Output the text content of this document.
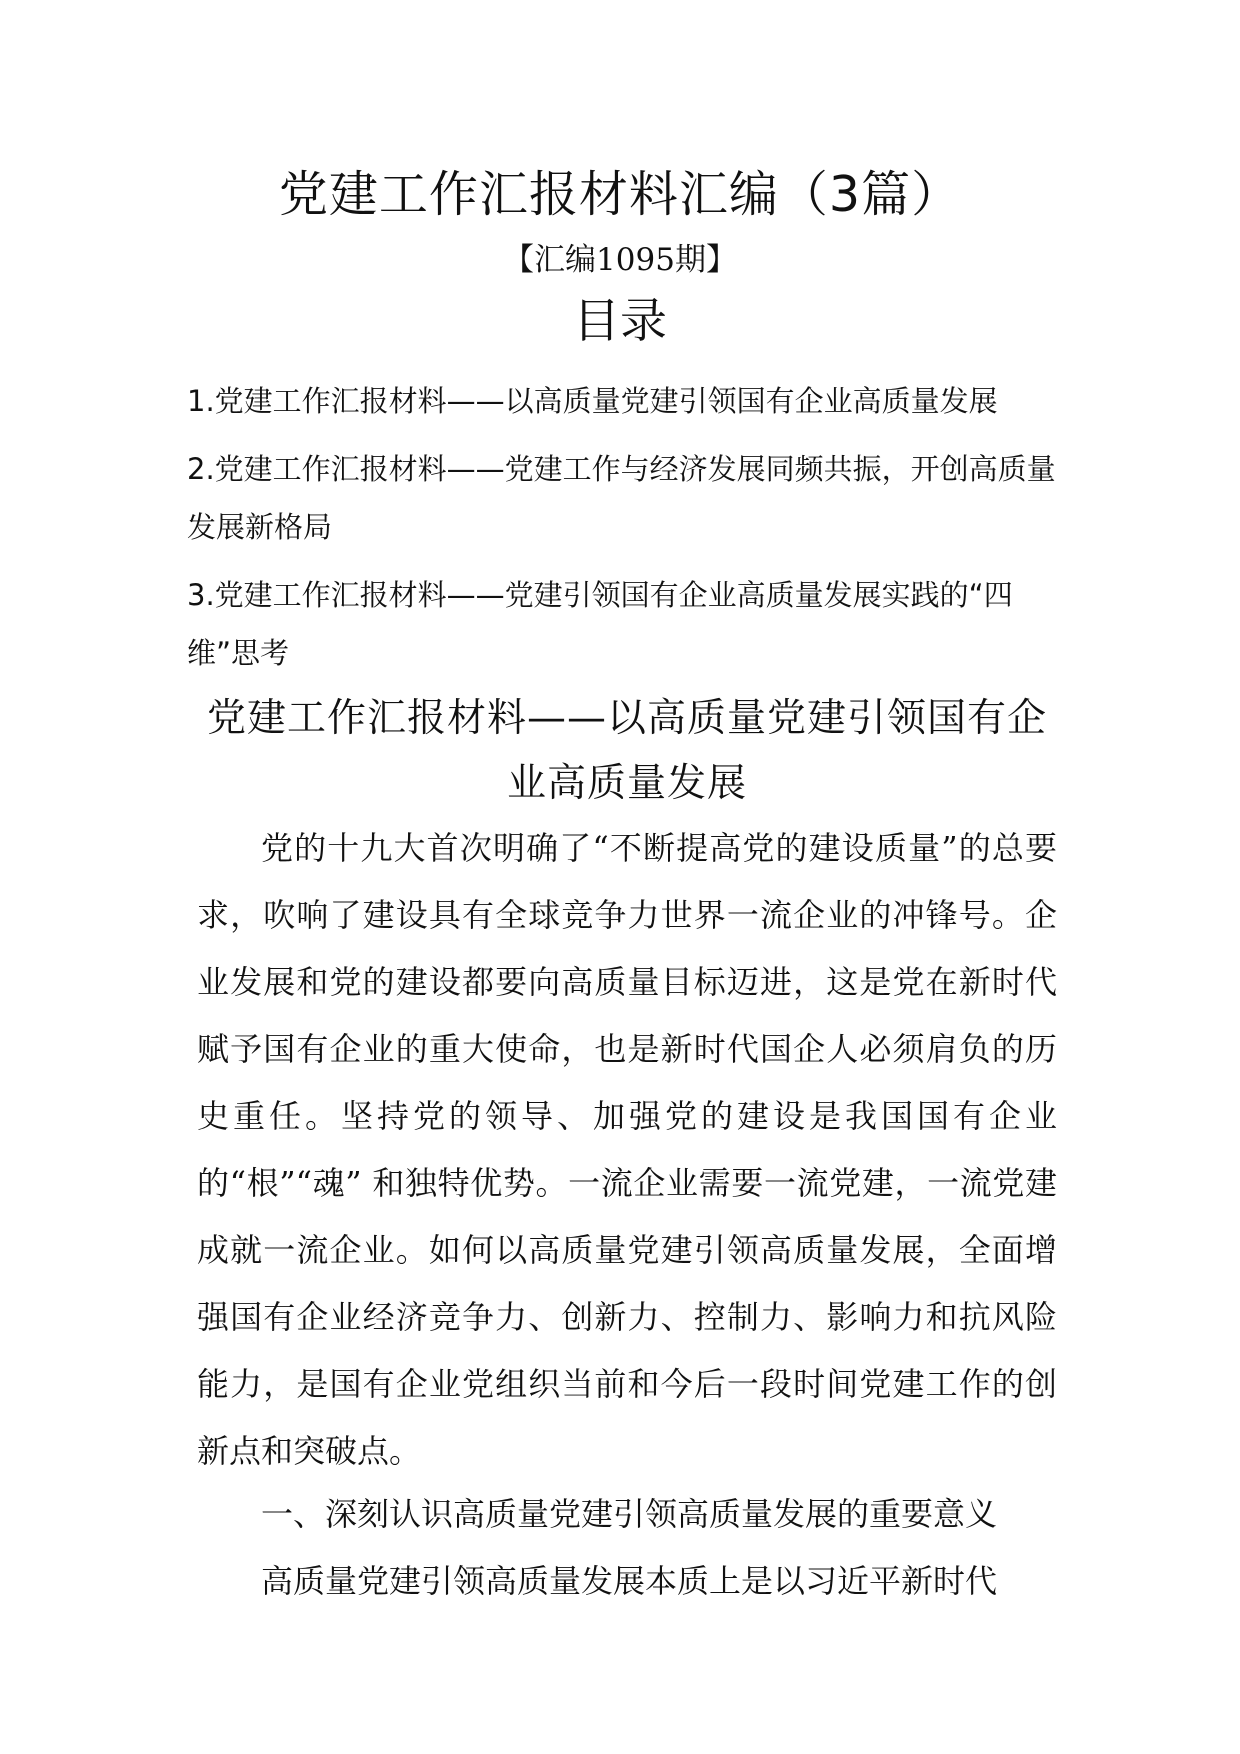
党建工作汇报材料汇编（3篇）
【汇编1095期】
目录
1.党建工作汇报材料——以高质量党建引领国有企业高质量发展
2.党建工作汇报材料——党建工作与经济发展同频共振，开创高质量发展新格局
3.党建工作汇报材料——党建引领国有企业高质量发展实践的“四维”思考
党建工作汇报材料——以高质量党建引领国有企业高质量发展

党的十九大首次明确了“不断提高党的建设质量”的总要求，吹响了建设具有全球竞争力世界一流企业的冲锋号。企业发展和党的建设都要向高质量目标迈进，这是党在新时代赋予国有企业的重大使命，也是新时代国企人必须肩负的历史重任。坚持党的领导、加强党的建设是我国国有企业的“根”“魂” 和独特优势。一流企业需要一流党建，一流党建成就一流企业。如何以高质量党建引领高质量发展，全面增强国有企业经济竞争力、创新力、控制力、影响力和抗风险能力，是国有企业党组织当前和今后一段时间党建工作的创新点和突破点。

一、深刻认识高质量党建引领高质量发展的重要意义

高质量党建引领高质量发展本质上是以习近平新时代
